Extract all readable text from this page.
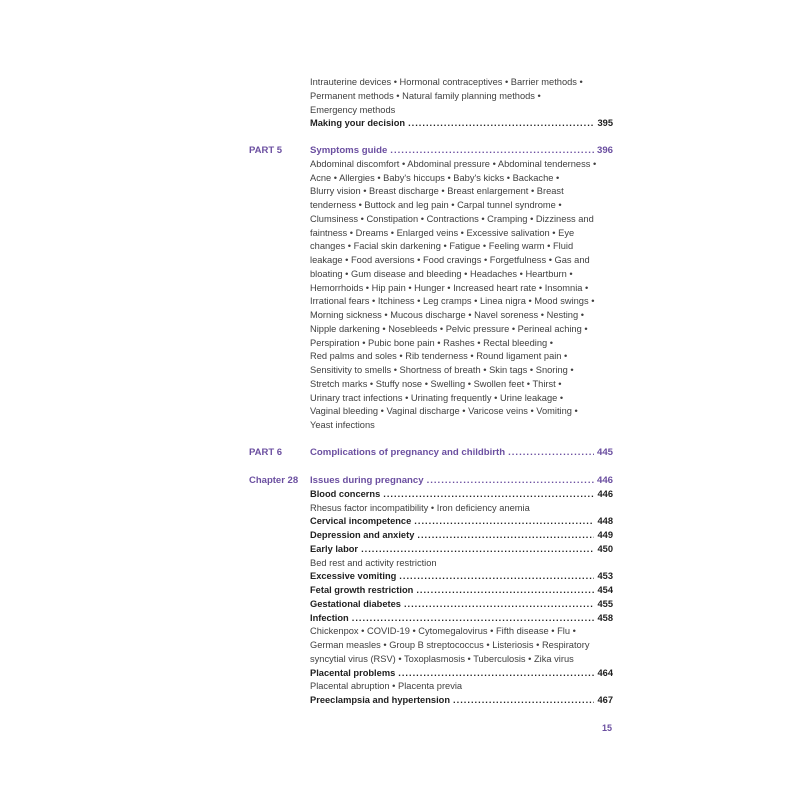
Intrauterine devices • Hormonal contraceptives • Barrier methods •

Permanent methods • Natural family planning methods •

Emergency methods

Making your decision .....	395
PART 5	Symptoms guide .....	396

Abdominal discomfort • Abdominal pressure • Abdominal tenderness •

Acne • Allergies • Baby's hiccups • Baby's kicks • Backache •

Blurry vision • Breast discharge • Breast enlargement • Breast

tenderness • Buttock and leg pain • Carpal tunnel syndrome •

Clumsiness • Constipation • Contractions • Cramping • Dizziness and

faintness • Dreams • Enlarged veins • Excessive salivation • Eye

changes • Facial skin darkening • Fatigue • Feeling warm • Fluid

leakage • Food aversions • Food cravings • Forgetfulness • Gas and

bloating • Gum disease and bleeding • Headaches • Heartburn •

Hemorrhoids • Hip pain • Hunger • Increased heart rate • Insomnia •

Irrational fears • Itchiness • Leg cramps • Linea nigra • Mood swings •

Morning sickness • Mucous discharge • Navel soreness • Nesting •

Nipple darkening • Nosebleeds • Pelvic pressure • Perineal aching •

Perspiration • Pubic bone pain • Rashes • Rectal bleeding •

Red palms and soles • Rib tenderness • Round ligament pain •

Sensitivity to smells • Shortness of breath • Skin tags • Snoring •

Stretch marks • Stuffy nose • Swelling • Swollen feet • Thirst •

Urinary tract infections • Urinating frequently • Urine leakage •

Vaginal bleeding • Vaginal discharge • Varicose veins • Vomiting •

Yeast infections

PART 6	Complications of pregnancy and childbirth .....	445
Chapter 28 Issues during pregnancy .....	446
Blood concerns .....	446

Rhesus factor incompatibility • Iron deficiency anemia

Cervical incompetence .....	448
Depression and anxiety .....	449
Early labor .....	450

Bed rest and activity restriction

Excessive vomiting .....	453
Fetal growth restriction .....	454
Gestational diabetes .....	455
Infection .....	458

Chickenpox • COVID-19 • Cytomegalovirus • Fifth disease • Flu •

German measles • Group B streptococcus • Listeriosis • Respiratory

syncytial virus (RSV) • Toxoplasmosis • Tuberculosis • Zika virus

Placental problems .....	464

Placental abruption • Placenta previa

Preeclampsia and hypertension .....	467
15
